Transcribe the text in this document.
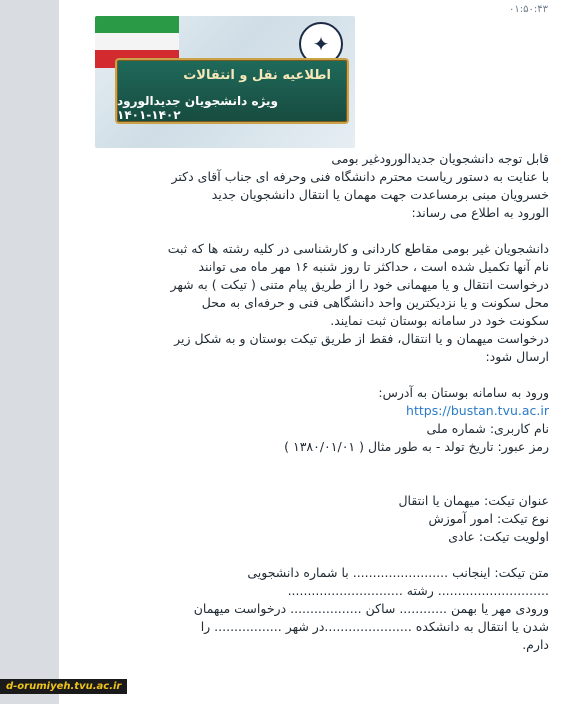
۰۱:۵۰:۴۳
✦
اطلاعیه نقل و انتقالات
ویژه دانشجویان جدیدالورود ۱۴۰۲-۱۴۰۱
قابل توجه دانشجویان جدیدالورودغیر بومی
با عنایت به دستور ریاست محترم دانشگاه فنی وحرفه ای جناب آقای دکتر
خسرویان مبنی برمساعدت جهت مهمان یا انتقال دانشجویان جدید
الورود به اطلاع می رساند:

دانشجویان غیر بومی مقاطع کاردانی و کارشناسی در کلیه رشته ها که ثبت
نام آنها تکمیل شده است ، حداکثر تا روز شنبه ۱۶ مهر ماه می توانند
درخواست انتقال و یا میهمانی خود را از طریق پیام متنی ( تیکت ) به شهر
محل سکونت و یا نزدیکترین واحد دانشگاهی فنی و حرفه‌ای به محل
سکونت خود در سامانه بوستان ثبت نمایند.
درخواست میهمان و یا انتقال، فقط از طریق تیکت بوستان و به شکل زیر
ارسال شود:

ورود به سامانه بوستان به آدرس:
https://bustan.tvu.ac.ir
نام کاربری: شماره ملی
رمز عبور: تاریخ تولد - به طور مثال ( ۱۳۸۰/۰۱/۰۱ )

عنوان تیکت: میهمان یا انتقال
نوع تیکت: امور آموزش
اولویت تیکت: عادی

متن تیکت: اینجانب ........................ با شماره دانشجویی
............................ رشته .............................
ورودی مهر یا بهمن ............ ساکن .................. درخواست میهمان
شدن یا انتقال به دانشکده ......................در شهر ................. را
دارم.
d-orumiyeh.tvu.ac.ir
